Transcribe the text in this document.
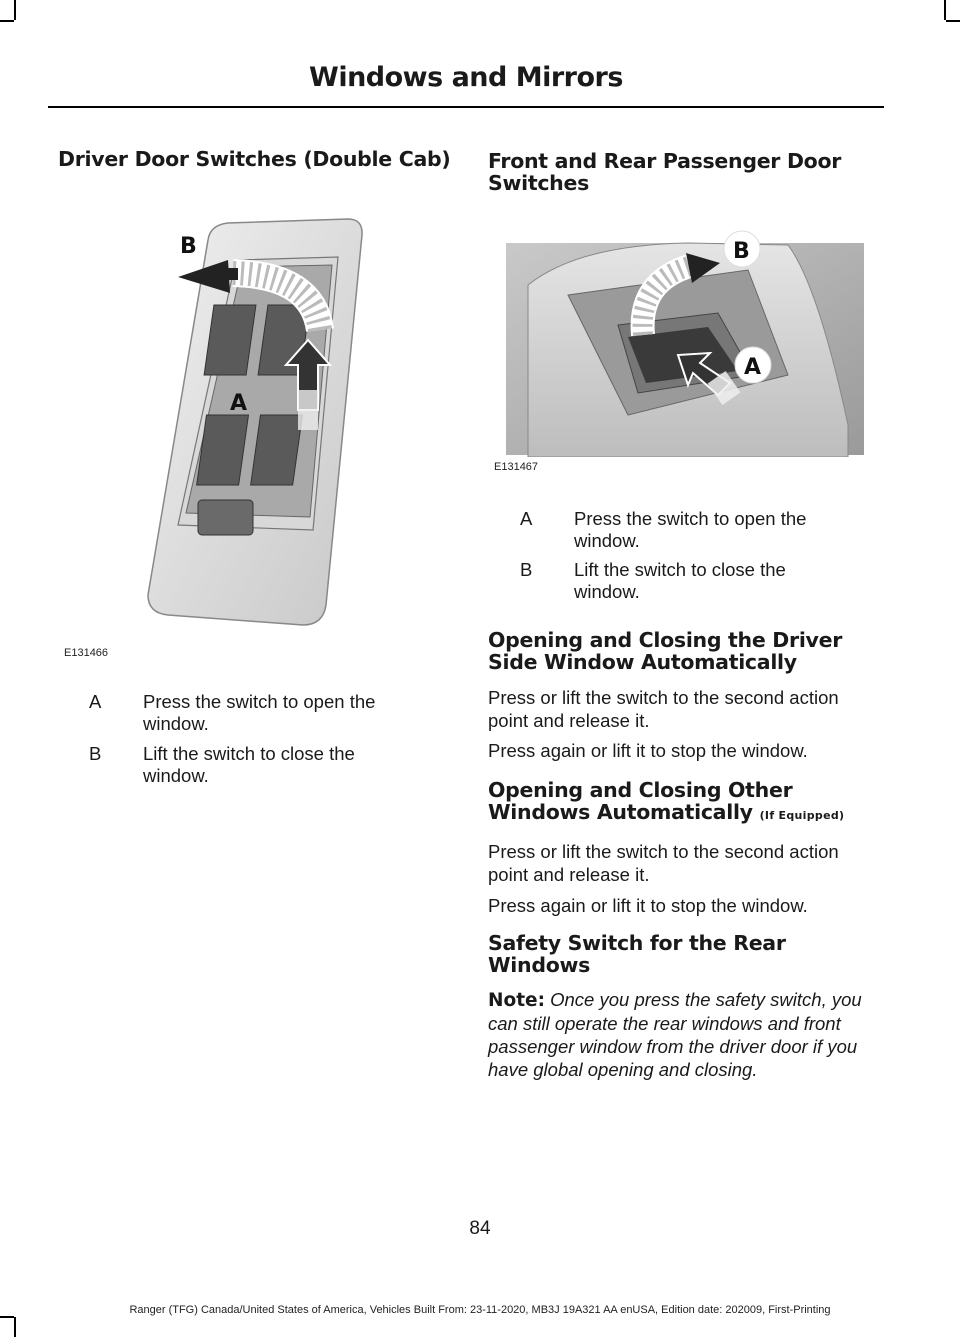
Windows and Mirrors
Driver Door Switches (Double Cab)
B
A
E131466
A Press the switch to open the window.
B Lift the switch to close the window.
Front and Rear Passenger Door Switches
B
A
E131467
A Press the switch to open the window.
B Lift the switch to close the window.
Opening and Closing the Driver Side Window Automatically
Press or lift the switch to the second action point and release it.
Press again or lift it to stop the window.
Opening and Closing Other Windows Automatically (If Equipped)
Press or lift the switch to the second action point and release it.
Press again or lift it to stop the window.
Safety Switch for the Rear Windows
Note: Once you press the safety switch, you can still operate the rear windows and front passenger window from the driver door if you have global opening and closing.
84
Ranger (TFG) Canada/United States of America, Vehicles Built From: 23-11-2020, MB3J 19A321 AA enUSA, Edition date: 202009, First-Printing
